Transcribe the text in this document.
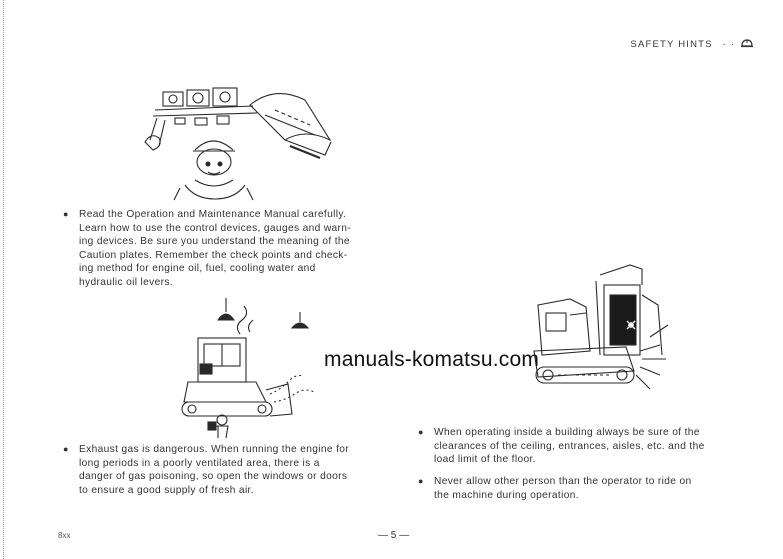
SAFETY HINTS · ·
● Read the Operation and Maintenance Manual carefully.
Learn how to use the control devices, gauges and warn-
ing devices. Be sure you understand the meaning of the
Caution plates. Remember the check points and check-
ing method for engine oil, fuel, cooling water and
hydraulic oil levers.
manuals-komatsu.com
● Exhaust gas is dangerous. When running the engine for
long periods in a poorly ventilated area, there is a
danger of gas poisoning, so open the windows or doors
to ensure a good supply of fresh air.
● When operating inside a building always be sure of the
clearances of the ceiling, entrances, aisles, etc. and the
load limit of the floor.
● Never allow other person than the operator to ride on
the machine during operation.
8xx	— 5 —
